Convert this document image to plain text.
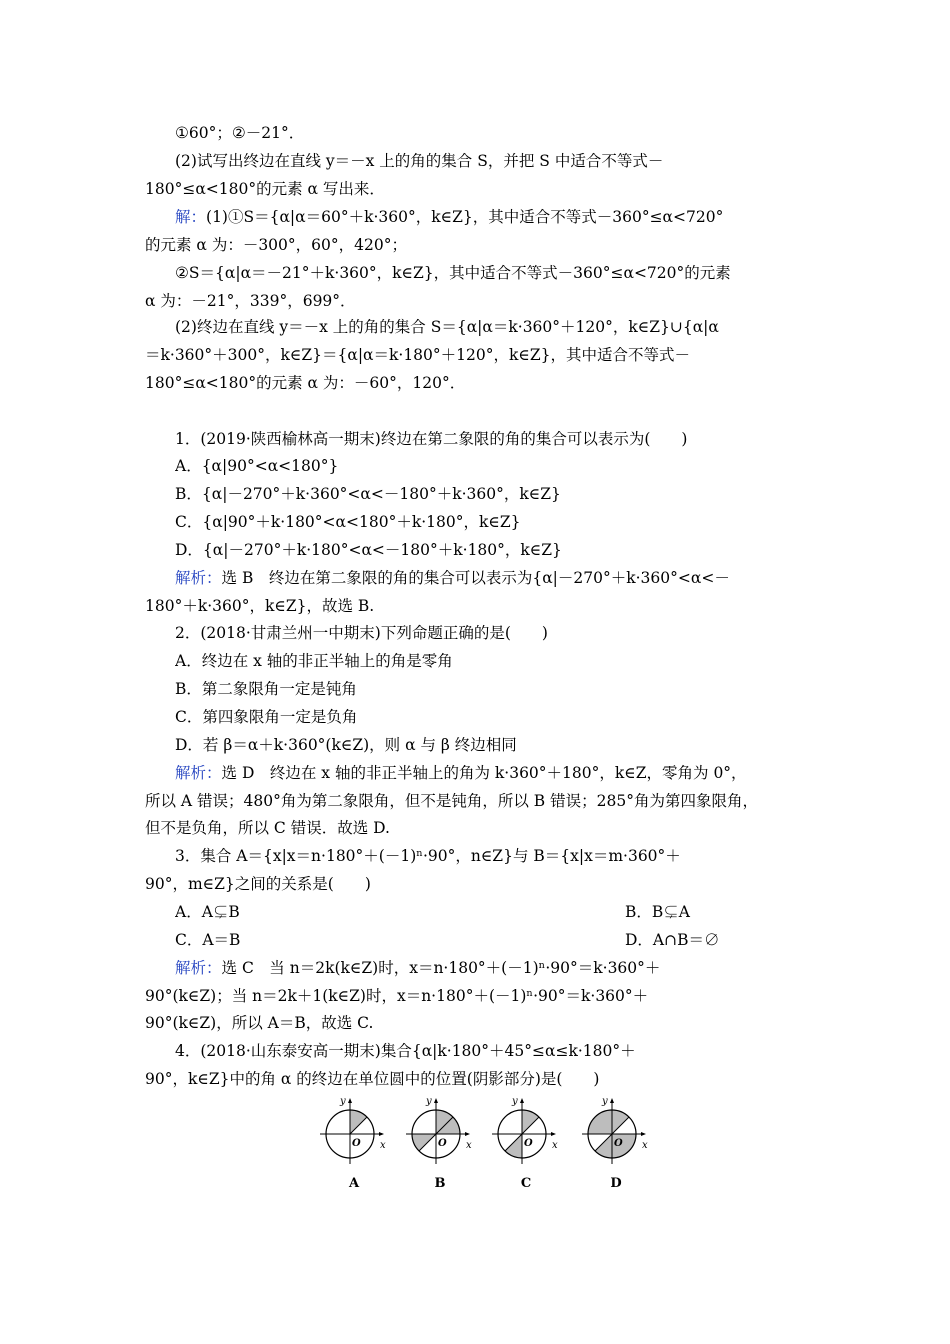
①60°；②－21°．
(2)试写出终边在直线 y＝－x 上的角的集合 S，并把 S 中适合不等式－
180°≤α<180°的元素 α 写出来．
解：(1)①S＝{α|α＝60°＋k·360°，k∈Z}，其中适合不等式－360°≤α<720°
的元素 α 为：－300°，60°，420°；
②S＝{α|α＝－21°＋k·360°，k∈Z}，其中适合不等式－360°≤α<720°的元素
α 为：－21°，339°，699°．
(2)终边在直线 y＝－x 上的角的集合 S＝{α|α＝k·360°＋120°，k∈Z}∪{α|α
＝k·360°＋300°，k∈Z}＝{α|α＝k·180°＋120°，k∈Z}，其中适合不等式－
180°≤α<180°的元素 α 为：－60°，120°．
1．(2019·陕西榆林高一期末)终边在第二象限的角的集合可以表示为(　　)
A．{α|90°<α<180°}
B．{α|－270°＋k·360°<α<－180°＋k·360°，k∈Z}
C．{α|90°＋k·180°<α<180°＋k·180°，k∈Z}
D．{α|－270°＋k·180°<α<－180°＋k·180°，k∈Z}
解析：选 B　终边在第二象限的角的集合可以表示为{α|－270°＋k·360°<α<－
180°＋k·360°，k∈Z}，故选 B.
2．(2018·甘肃兰州一中期末)下列命题正确的是(　　)
A．终边在 x 轴的非正半轴上的角是零角
B．第二象限角一定是钝角
C．第四象限角一定是负角
D．若 β＝α＋k·360°(k∈Z)，则 α 与 β 终边相同
解析：选 D　终边在 x 轴的非正半轴上的角为 k·360°＋180°，k∈Z，零角为 0°，
所以 A 错误；480°角为第二象限角，但不是钝角，所以 B 错误；285°角为第四象限角，
但不是负角，所以 C 错误．故选 D.
3．集合 A＝{x|x＝n·180°＋(－1)ⁿ·90°，n∈Z}与 B＝{x|x＝m·360°＋
90°，m∈Z}之间的关系是(　　)
A．A⊊B	B．B⊊A
C．A＝B	D．A∩B＝∅
解析：选 C　当 n＝2k(k∈Z)时，x＝n·180°＋(－1)ⁿ·90°＝k·360°＋
90°(k∈Z)；当 n＝2k＋1(k∈Z)时，x＝n·180°＋(－1)ⁿ·90°＝k·360°＋
90°(k∈Z)，所以 A＝B，故选 C.
4．(2018·山东泰安高一期末)集合{α|k·180°＋45°≤α≤k·180°＋
90°，k∈Z}中的角 α 的终边在单位圆中的位置(阴影部分)是(　　)
y
x
O
A
y
x
O
B
y
x
O
C
y
x
O
D
